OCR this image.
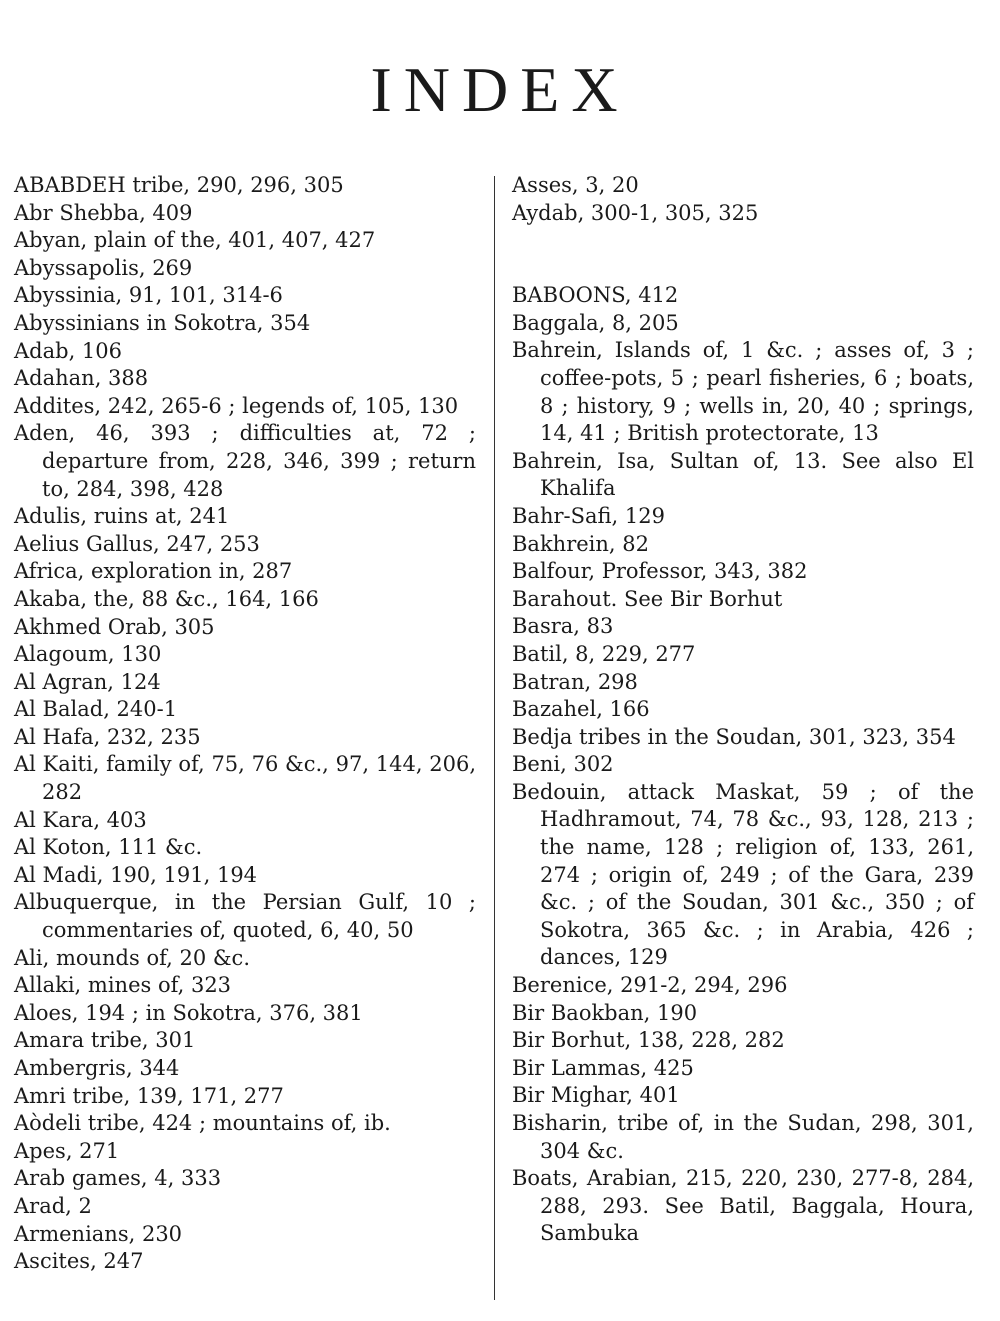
INDEX
ABABDEH tribe, 290, 296, 305
Abr Shebba, 409
Abyan, plain of the, 401, 407, 427
Abyssapolis, 269
Abyssinia, 91, 101, 314-6
Abyssinians in Sokotra, 354
Adab, 106
Adahan, 388
Addites, 242, 265-6 ; legends of, 105, 130
Aden, 46, 393 ; difficulties at, 72 ; departure from, 228, 346, 399 ; return to, 284, 398, 428
Adulis, ruins at, 241
Aelius Gallus, 247, 253
Africa, exploration in, 287
Akaba, the, 88 &c., 164, 166
Akhmed Orab, 305
Alagoum, 130
Al Agran, 124
Al Balad, 240-1
Al Hafa, 232, 235
Al Kaiti, family of, 75, 76 &c., 97, 144, 206, 282
Al Kara, 403
Al Koton, 111 &c.
Al Madi, 190, 191, 194
Albuquerque, in the Persian Gulf, 10 ; commentaries of, quoted, 6, 40, 50
Ali, mounds of, 20 &c.
Allaki, mines of, 323
Aloes, 194 ; in Sokotra, 376, 381
Amara tribe, 301
Ambergris, 344
Amri tribe, 139, 171, 277
Aòdeli tribe, 424 ; mountains of, ib.
Apes, 271
Arab games, 4, 333
Arad, 2
Armenians, 230
Ascites, 247
Asses, 3, 20
Aydab, 300-1, 305, 325
BABOONS, 412
Baggala, 8, 205
Bahrein, Islands of, 1 &c. ; asses of, 3 ; coffee-pots, 5 ; pearl fisheries, 6 ; boats, 8 ; history, 9 ; wells in, 20, 40 ; springs, 14, 41 ; British protectorate, 13
Bahrein, Isa, Sultan of, 13. See also El Khalifa
Bahr-Safi, 129
Bakhrein, 82
Balfour, Professor, 343, 382
Barahout. See Bir Borhut
Basra, 83
Batil, 8, 229, 277
Batran, 298
Bazahel, 166
Bedja tribes in the Soudan, 301, 323, 354
Beni, 302
Bedouin, attack Maskat, 59 ; of the Hadhramout, 74, 78 &c., 93, 128, 213 ; the name, 128 ; religion of, 133, 261, 274 ; origin of, 249 ; of the Gara, 239 &c. ; of the Soudan, 301 &c., 350 ; of Sokotra, 365 &c. ; in Arabia, 426 ; dances, 129
Berenice, 291-2, 294, 296
Bir Baokban, 190
Bir Borhut, 138, 228, 282
Bir Lammas, 425
Bir Mighar, 401
Bisharin, tribe of, in the Sudan, 298, 301, 304 &c.
Boats, Arabian, 215, 220, 230, 277-8, 284, 288, 293. See Batil, Baggala, Houra, Sambuka
